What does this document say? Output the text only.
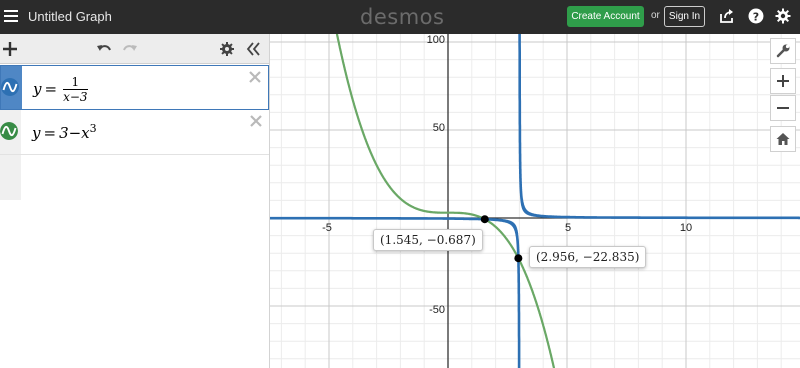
Untitled Graph	desmos	Create Account	or Sign In	?
$y = \frac{1}{x-3}$
$y = 3-x^3$
-5	5	10
100
50
-50
(1.545, −0.687)
(2.956, −22.835)
